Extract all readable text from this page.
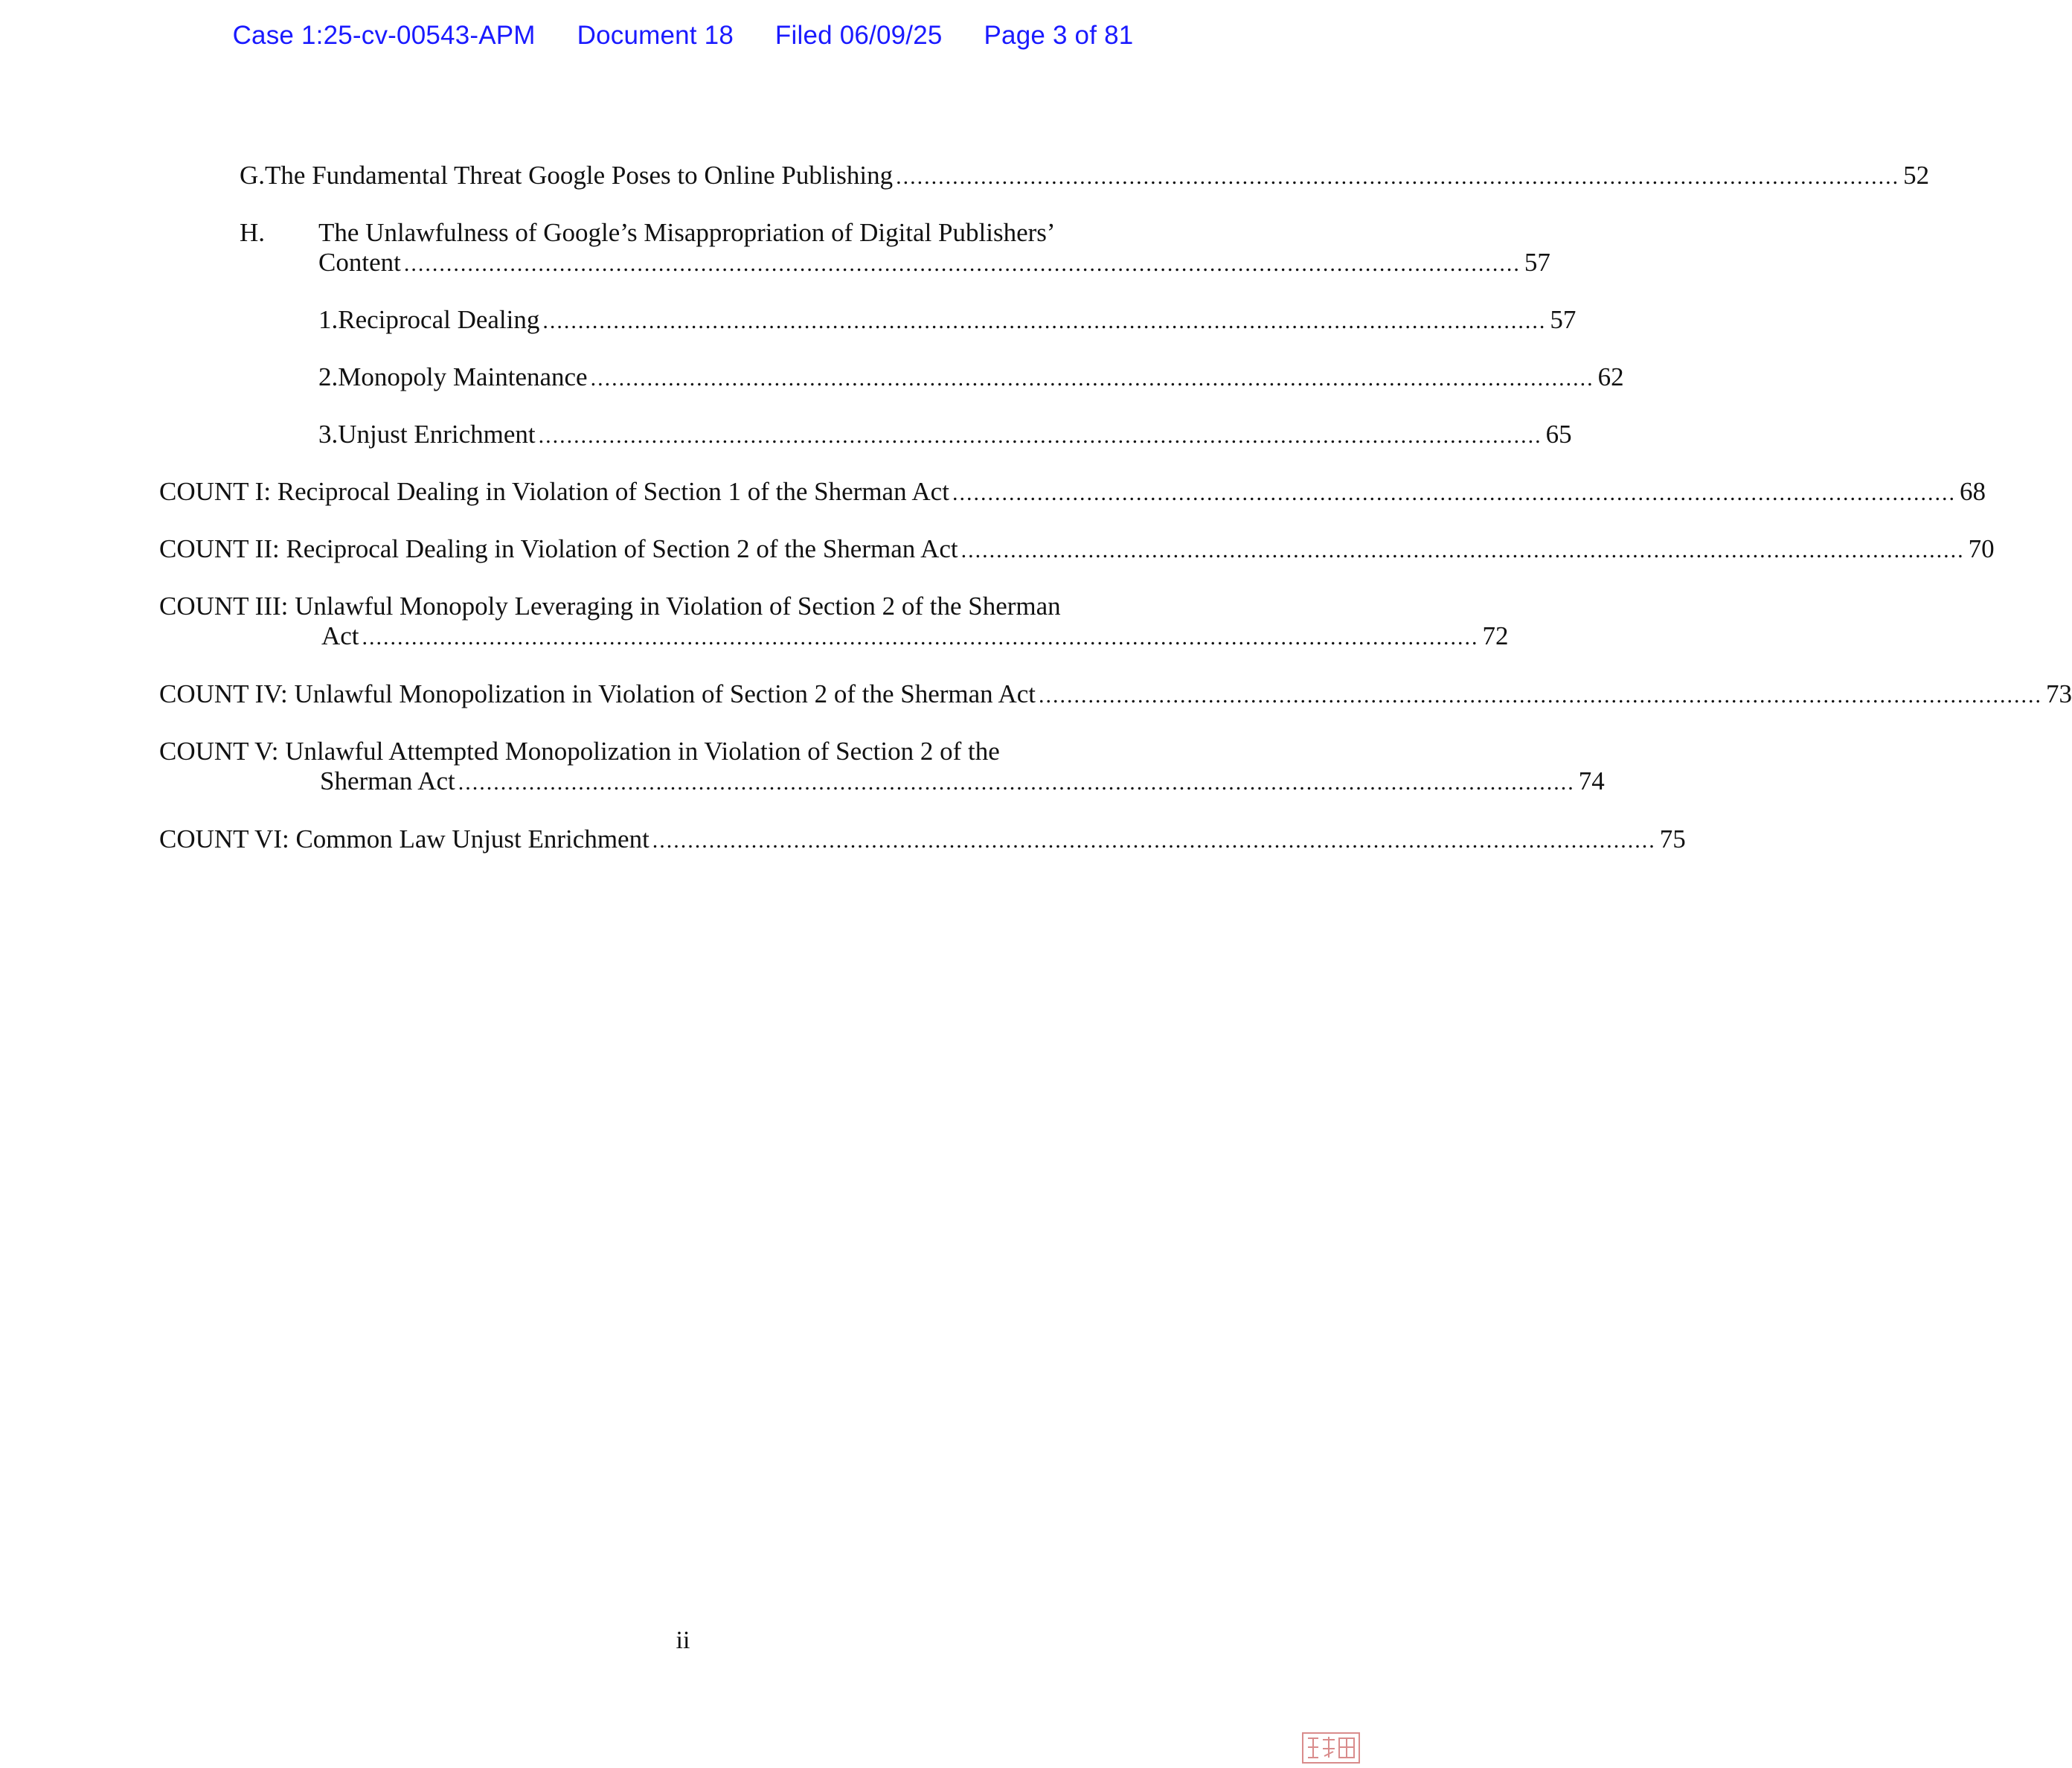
Case 1:25-cv-00543-APM Document 18 Filed 06/09/25 Page 3 of 81
G. The Fundamental Threat Google Poses to Online Publishing .............................................................................................................................................. 52
H. The Unlawfulness of Google’s Misappropriation of Digital Publishers’
Content .............................................................................................................................................................. 57
1. Reciprocal Dealing .............................................................................................................................................. 57
2. Monopoly Maintenance .............................................................................................................................................. 62
3. Unjust Enrichment .............................................................................................................................................. 65
COUNT I: Reciprocal Dealing in Violation of Section 1 of the Sherman Act .............................................................................................................................................. 68
COUNT II: Reciprocal Dealing in Violation of Section 2 of the Sherman Act .............................................................................................................................................. 70
COUNT III: Unlawful Monopoly Leveraging in Violation of Section 2 of the Sherman
Act .............................................................................................................................................................. 72
COUNT IV: Unlawful Monopolization in Violation of Section 2 of the Sherman Act .............................................................................................................................................. 73
COUNT V: Unlawful Attempted Monopolization in Violation of Section 2 of the
Sherman Act .............................................................................................................................................................. 74
COUNT VI: Common Law Unjust Enrichment .............................................................................................................................................. 75
ii
